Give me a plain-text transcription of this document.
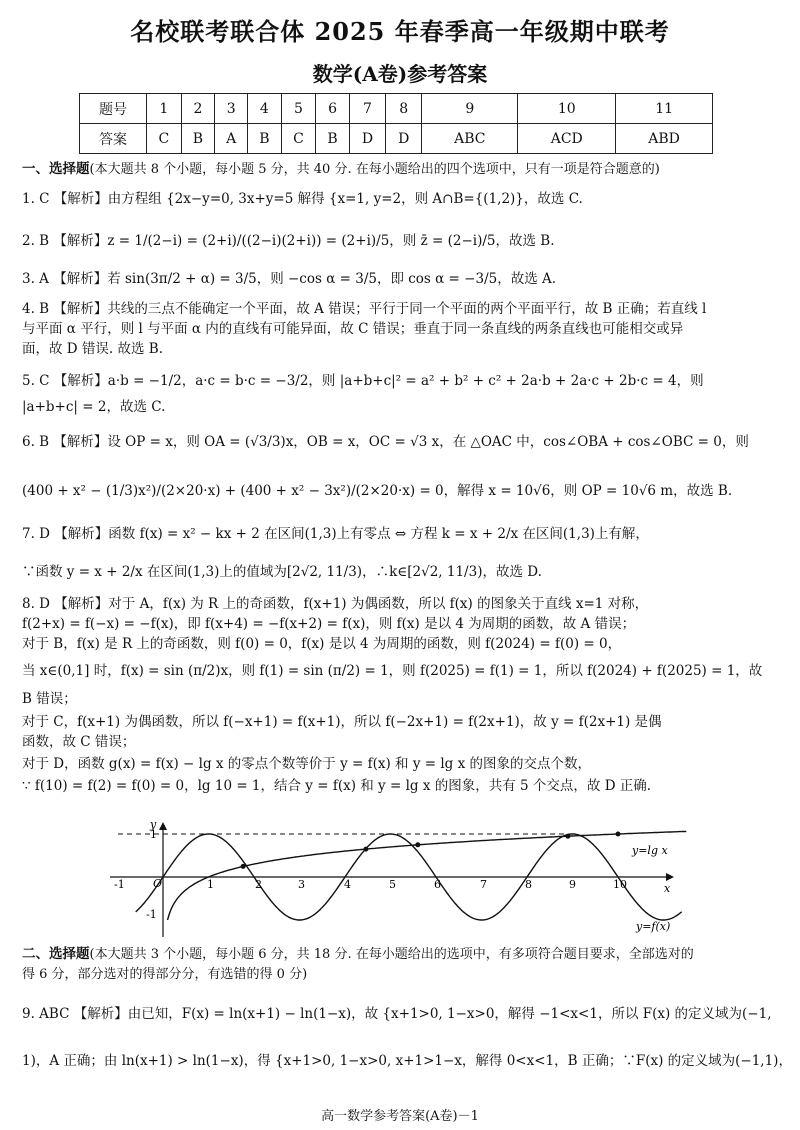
名校联考联合体 2025 年春季高一年级期中联考
数学(A卷)参考答案
题号	1	2	3	4	5	6	7	8	9	10	11
答案	C	B	A	B	C	B	D	D	ABC	ACD	ABD
一、选择题(本大题共 8 个小题，每小题 5 分，共 40 分. 在每小题给出的四个选项中，只有一项是符合题意的)
1. C 【解析】由方程组 {2x−y=0, 3x+y=5 解得 {x=1, y=2，则 A∩B={(1,2)}，故选 C.
2. B 【解析】z = 1/(2−i) = (2+i)/((2−i)(2+i)) = (2+i)/5，则 z̄ = (2−i)/5，故选 B.
3. A 【解析】若 sin(3π/2 + α) = 3/5，则 −cos α = 3/5，即 cos α = −3/5，故选 A.
4. B 【解析】共线的三点不能确定一个平面，故 A 错误；平行于同一个平面的两个平面平行，故 B 正确；若直线 l
与平面 α 平行，则 l 与平面 α 内的直线有可能异面，故 C 错误；垂直于同一条直线的两条直线也可能相交或异
面，故 D 错误. 故选 B.
5. C 【解析】a·b = −1/2，a·c = b·c = −3/2，则 |a+b+c|² = a² + b² + c² + 2a·b + 2a·c + 2b·c = 4，则
|a+b+c| = 2，故选 C.
6. B 【解析】设 OP = x，则 OA = (√3/3)x，OB = x，OC = √3 x，在 △OAC 中，cos∠OBA + cos∠OBC = 0，则
(400 + x² − (1/3)x²)/(2×20·x) + (400 + x² − 3x²)/(2×20·x) = 0，解得 x = 10√6，则 OP = 10√6 m，故选 B.
7. D 【解析】函数 f(x) = x² − kx + 2 在区间(1,3)上有零点 ⇔ 方程 k = x + 2/x 在区间(1,3)上有解，
∵函数 y = x + 2/x 在区间(1,3)上的值域为[2√2, 11/3)，∴k∈[2√2, 11/3)，故选 D.
8. D 【解析】对于 A，f(x) 为 R 上的奇函数，f(x+1) 为偶函数，所以 f(x) 的图象关于直线 x=1 对称，
f(2+x) = f(−x) = −f(x)，即 f(x+4) = −f(x+2) = f(x)，则 f(x) 是以 4 为周期的函数，故 A 错误；
对于 B，f(x) 是 R 上的奇函数，则 f(0) = 0，f(x) 是以 4 为周期的函数，则 f(2024) = f(0) = 0，
当 x∈(0,1] 时，f(x) = sin (π/2)x，则 f(1) = sin (π/2) = 1，则 f(2025) = f(1) = 1，所以 f(2024) + f(2025) = 1，故
B 错误；
对于 C，f(x+1) 为偶函数，所以 f(−x+1) = f(x+1)，所以 f(−2x+1) = f(2x+1)，故 y = f(2x+1) 是偶
函数，故 C 错误；
对于 D，函数 g(x) = f(x) − lg x 的零点个数等价于 y = f(x) 和 y = lg x 的图象的交点个数，
∵ f(10) = f(2) = f(0) = 0，lg 10 = 1，结合 y = f(x) 和 y = lg x 的图象，共有 5 个交点，故 D 正确.
y
x
O
1
-1
-1	1	2	3	4	5	6	7	8	9	10
y=lg x
y=f(x)
二、选择题(本大题共 3 个小题，每小题 6 分，共 18 分. 在每小题给出的选项中，有多项符合题目要求，全部选对的
得 6 分，部分选对的得部分分，有选错的得 0 分)
9. ABC 【解析】由已知，F(x) = ln(x+1) − ln(1−x)，故 {x+1>0, 1−x>0，解得 −1<x<1，所以 F(x) 的定义域为(−1,
1)，A 正确；由 ln(x+1) > ln(1−x)，得 {x+1>0, 1−x>0, x+1>1−x，解得 0<x<1，B 正确；∵F(x) 的定义域为(−1,1)，
高一数学参考答案(A卷)－1
